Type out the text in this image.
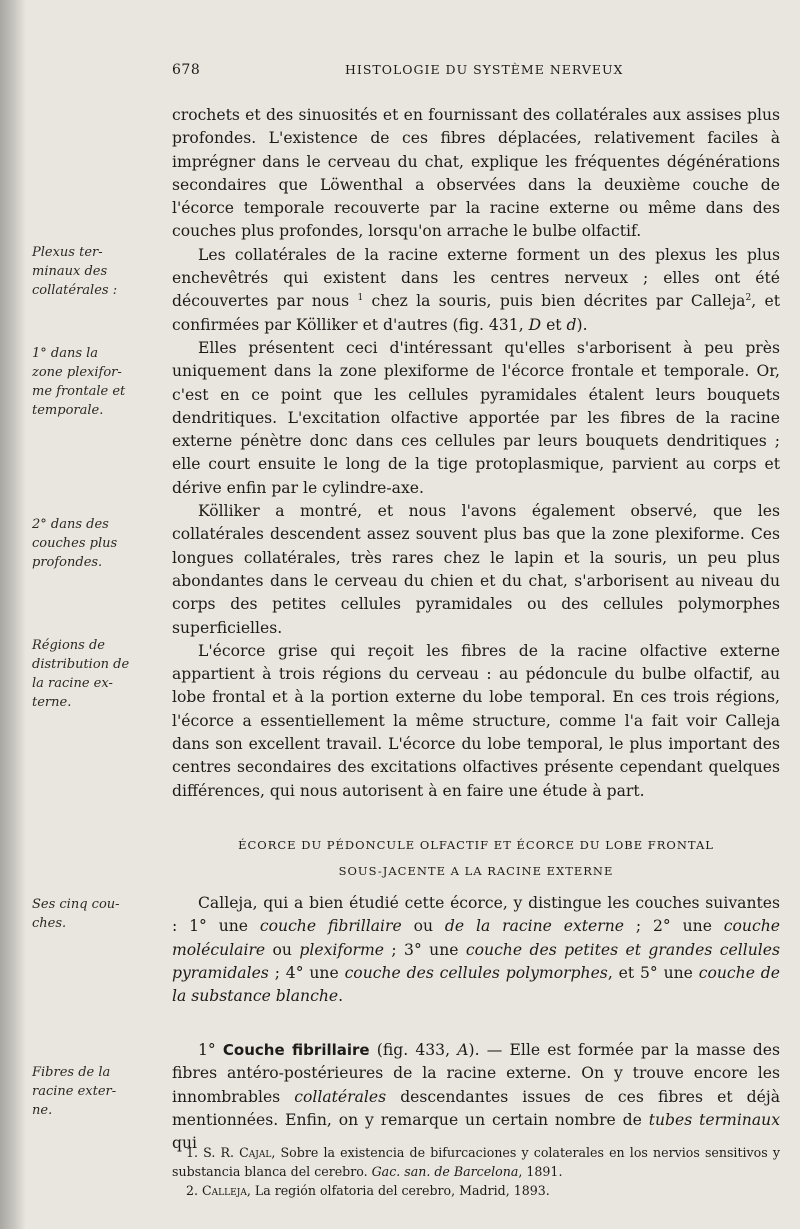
678	HISTOLOGIE DU SYSTÈME NERVEUX
Plexus ter-
minaux des
collatérales :
1° dans la
zone plexifor-
me frontale et
temporale.
2° dans des
couches plus
profondes.
Régions de
distribution de
la racine ex-
terne.
Ses cinq cou-
ches.
Fibres de la
racine exter-
ne.

crochets et des sinuosités et en fournissant des collatérales aux assises plus profondes. L'existence de ces fibres déplacées, relativement faciles à imprégner dans le cerveau du chat, explique les fréquentes dégénérations secondaires que Löwenthal a observées dans la deuxième couche de l'écorce temporale recouverte par la racine externe ou même dans des couches plus profondes, lorsqu'on arrache le bulbe olfactif.

Les collatérales de la racine externe forment un des plexus les plus enchevêtrés qui existent dans les centres nerveux ; elles ont été découvertes par nous $^1$ chez la souris, puis bien décrites par Calleja$^2$, et confirmées par Kölliker et d'autres (fig. 431, D et d).

Elles présentent ceci d'intéressant qu'elles s'arborisent à peu près uniquement dans la zone plexiforme de l'écorce frontale et temporale. Or, c'est en ce point que les cellules pyramidales étalent leurs bouquets dendritiques. L'excitation olfactive apportée par les fibres de la racine externe pénètre donc dans ces cellules par leurs bouquets dendritiques ; elle court ensuite le long de la tige protoplasmique, parvient au corps et dérive enfin par le cylindre-axe.

Kölliker a montré, et nous l'avons également observé, que les collatérales descendent assez souvent plus bas que la zone plexiforme. Ces longues collatérales, très rares chez le lapin et la souris, un peu plus abondantes dans le cerveau du chien et du chat, s'arborisent au niveau du corps des petites cellules pyramidales ou des cellules polymorphes superficielles.

L'écorce grise qui reçoit les fibres de la racine olfactive externe appartient à trois régions du cerveau : au pédoncule du bulbe olfactif, au lobe frontal et à la portion externe du lobe temporal. En ces trois régions, l'écorce a essentiellement la même structure, comme l'a fait voir Calleja dans son excellent travail. L'écorce du lobe temporal, le plus important des centres secondaires des excitations olfactives présente cependant quelques différences, qui nous autorisent à en faire une étude à part.

ÉCORCE DU PÉDONCULE OLFACTIF ET ÉCORCE DU LOBE FRONTAL
SOUS-JACENTE A LA RACINE EXTERNE

Calleja, qui a bien étudié cette écorce, y distingue les couches suivantes : 1° une couche fibrillaire ou de la racine externe ; 2° une couche moléculaire ou plexiforme ; 3° une couche des petites et grandes cellules pyramidales ; 4° une couche des cellules polymorphes, et 5° une couche de la substance blanche.

1° Couche fibrillaire (fig. 433, A). — Elle est formée par la masse des fibres antéro-postérieures de la racine externe. On y trouve encore les innombrables collatérales descendantes issues de ces fibres et déjà mentionnées. Enfin, on y remarque un certain nombre de tubes terminaux qui

1. S. R. Cajal, Sobre la existencia de bifurcaciones y colaterales en los nervios sensitivos y substancia blanca del cerebro. Gac. san. de Barcelona, 1891.

2. Calleja, La región olfatoria del cerebro, Madrid, 1893.
